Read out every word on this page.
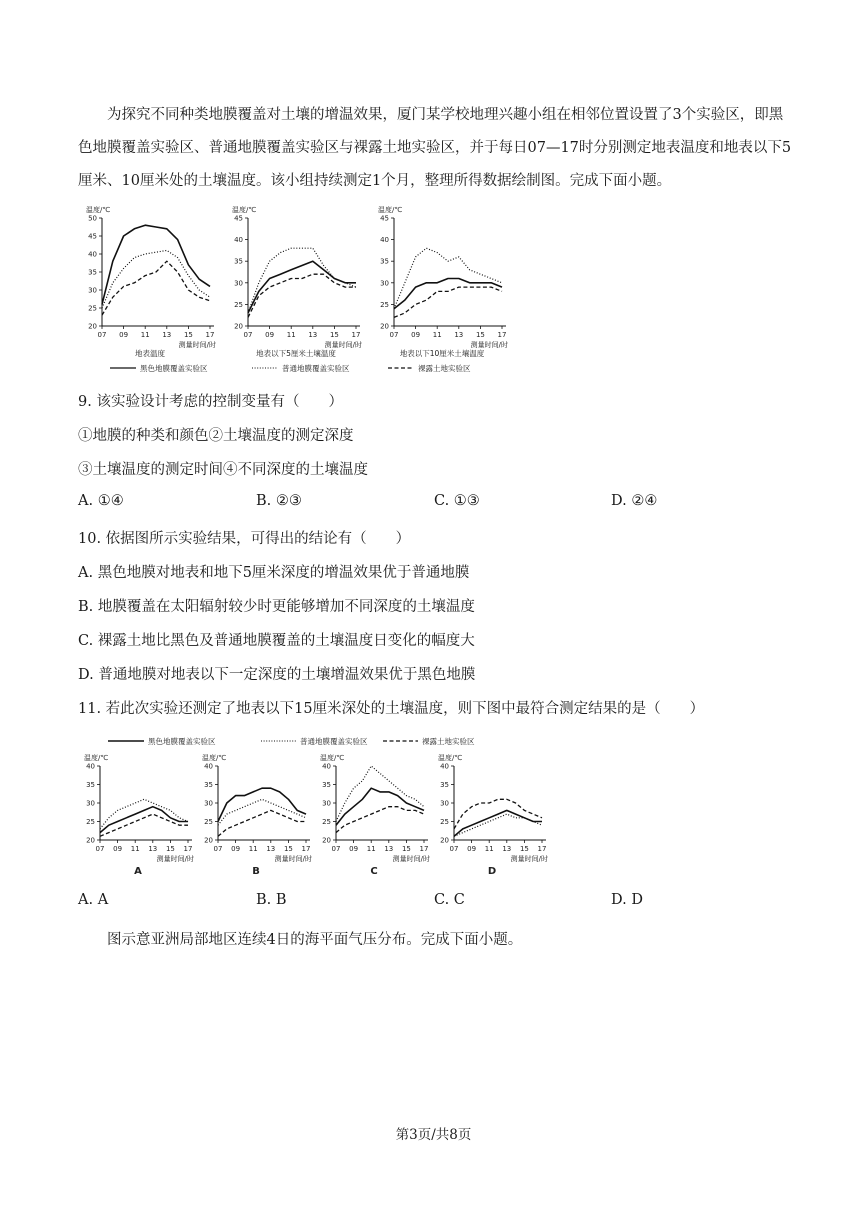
为探究不同种类地膜覆盖对土壤的增温效果，厦门某学校地理兴趣小组在相邻位置设置了3个实验区，即黑色地膜覆盖实验区、普通地膜覆盖实验区与裸露土地实验区，并于每日07—17时分别测定地表温度和地表以下5厘米、10厘米处的土壤温度。该小组持续测定1个月，整理所得数据绘制图。完成下面小题。

温度/℃
20
25
30
35
40
45
50
07 09 11 13 15 17
测量时间/时
地表温度
温度/℃
20
25
30
35
40
45
07 09 11 13 15 17
测量时间/时
地表以下5厘米土壤温度
温度/℃
20
25
30
35
40
45
07 09 11 13 15 17
测量时间/时
地表以下10厘米土壤温度
黑色地膜覆盖实验区	普通地膜覆盖实验区	裸露土地实验区
9. 该实验设计考虑的控制变量有（　　）
①地膜的种类和颜色②土壤温度的测定深度
③土壤温度的测定时间④不同深度的土壤温度
A. ①④	B. ②③	C. ①③	D. ②④
10. 依据图所示实验结果，可得出的结论有（　　）
A. 黑色地膜对地表和地下5厘米深度的增温效果优于普通地膜
B. 地膜覆盖在太阳辐射较少时更能够增加不同深度的土壤温度
C. 裸露土地比黑色及普通地膜覆盖的土壤温度日变化的幅度大
D. 普通地膜对地表以下一定深度的土壤增温效果优于黑色地膜
11. 若此次实验还测定了地表以下15厘米深处的土壤温度，则下图中最符合测定结果的是（　　）
黑色地膜覆盖实验区	普通地膜覆盖实验区	裸露土地实验区
温度/℃
20
25
30
35
40
07 09 11 13 15 17
测量时间/时
A
温度/℃
20
25
30
35
40
07 09 11 13 15 17
测量时间/时
B
温度/℃
20
25
30
35
40
07 09 11 13 15 17
测量时间/时
C
温度/℃
20
25
30
35
40
07 09 11 13 15 17
测量时间/时
D
A. A	B. B	C. C	D. D
图示意亚洲局部地区连续4日的海平面气压分布。完成下面小题。
第3页/共8页
